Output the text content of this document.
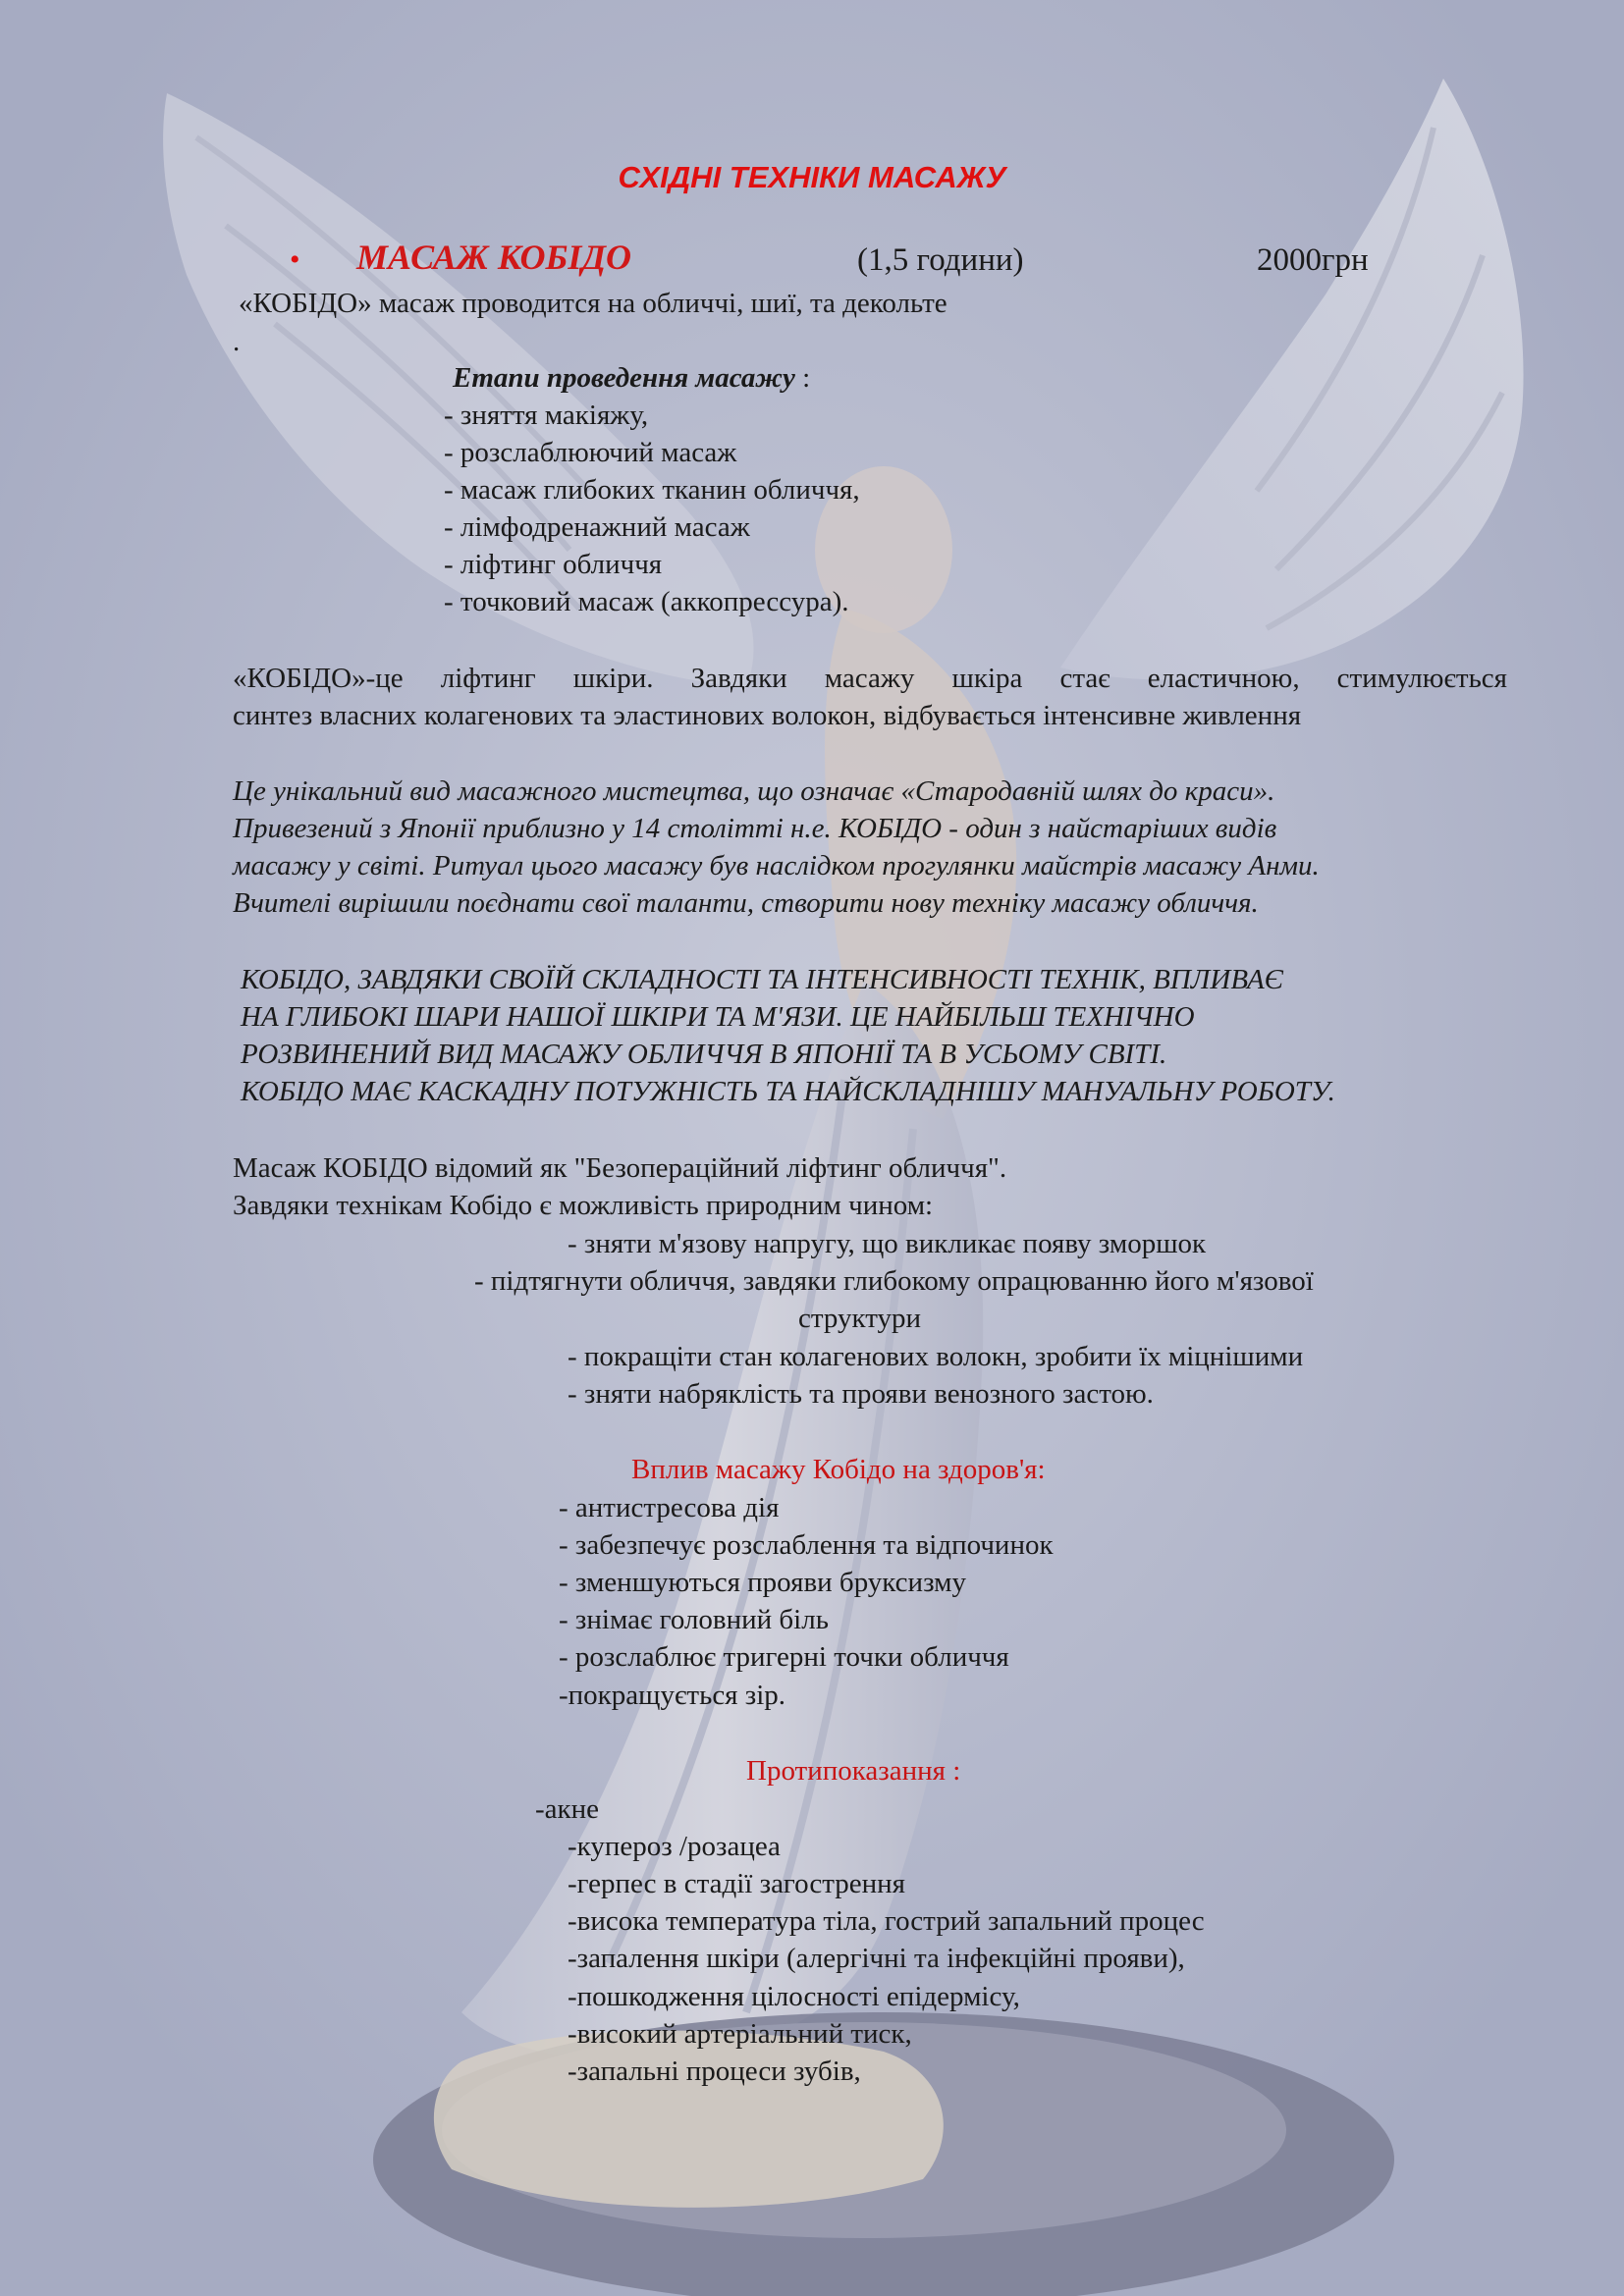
СХІДНІ ТЕХНІКИ МАСАЖУ
• МАСАЖ КОБІДО	(1,5 години)	2000грн
«КОБІДО» масаж проводится на обличчі, шиї, та декольте
.
Етапи проведення масажу :
- зняття макіяжу,
- розслаблюючий масаж
- масаж глибоких тканин обличчя,
- лімфодренажний масаж
- ліфтинг обличчя
- точковий масаж (аккопрессура).
«КОБІДО»-це ліфтинг шкіри. Завдяки масажу шкіра стає еластичною, стимулюється
синтез власних колагенових та эластинових волокон, відбувається інтенсивне живлення
Це унікальний вид масажного мистецтва, що означає «Стародавній шлях до краси».
Привезений з Японії приблизно у 14 столітті н.е. КОБІДО - один з найстаріших видів
масажу у світі. Ритуал цього масажу був наслідком прогулянки майстрів масажу Анми.
Вчителі вирішили поєднати свої таланти, створити нову техніку масажу обличчя.
КОБІДО, ЗАВДЯКИ СВОЇЙ СКЛАДНОСТІ ТА ІНТЕНСИВНОСТІ ТЕХНІК, ВПЛИВАЄ
НА ГЛИБОКІ ШАРИ НАШОЇ ШКІРИ ТА М'ЯЗИ. ЦЕ НАЙБІЛЬШ ТЕХНІЧНО
РОЗВИНЕНИЙ ВИД МАСАЖУ ОБЛИЧЧЯ В ЯПОНІЇ ТА В УСЬОМУ СВІТІ.
КОБІДО МАЄ КАСКАДНУ ПОТУЖНІСТЬ ТА НАЙСКЛАДНІШУ МАНУАЛЬНУ РОБОТУ.
Масаж КОБІДО відомий як "Безопераційний ліфтинг обличчя".
Завдяки технікам Кобідо є можливість природним чином:
- зняти м'язову напругу, що викликає появу зморшок
- підтягнути обличчя, завдяки глибокому опрацюванню його м'язової
структури
- покращіти стан колагенових волокн, зробити їх міцнішими
- зняти набряклість та прояви венозного застою.
Вплив масажу Кобідо на здоров'я:
- антистресова дія
- забезпечує розслаблення та відпочинок
- зменшуються прояви бруксизму
- знімає головний біль
- розслаблює тригерні точки обличчя
-покращується зір.
Протипоказання :
-акне
-купероз /розацеа
-герпес в стадії загострення
-висока температура тіла, гострий запальний процес
-запалення шкіри (алергічні та інфекційні прояви),
-пошкодження цілосності епідермісу,
-високий артеріальний тиск,
-запальні процеси зубів,
